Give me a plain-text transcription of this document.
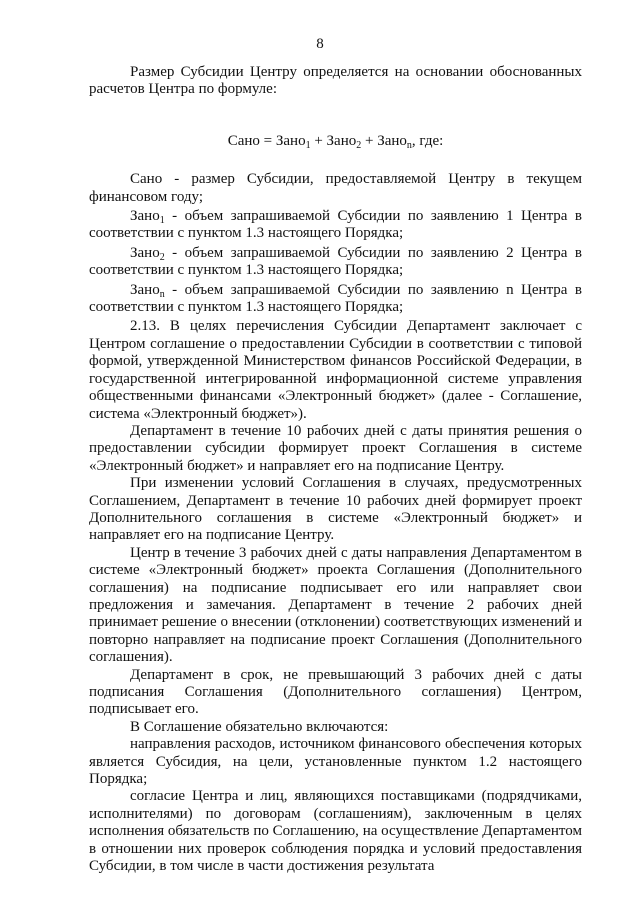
8

Размер Субсидии Центру определяется на основании обоснованных расчетов Центра по формуле:

Сано = Зано$_1$ + Зано$_2$ + Зано$_n$, где:

Сано - размер Субсидии, предоставляемой Центру в текущем финансовом году;

Зано$_1$ - объем запрашиваемой Субсидии по заявлению 1 Центра в соответствии с пунктом 1.3 настоящего Порядка;

Зано$_2$ - объем запрашиваемой Субсидии по заявлению 2 Центра в соответствии с пунктом 1.3 настоящего Порядка;

Зано$_n$ - объем запрашиваемой Субсидии по заявлению n Центра в соответствии с пунктом 1.3 настоящего Порядка;

2.13. В целях перечисления Субсидии Департамент заключает с Центром соглашение о предоставлении Субсидии в соответствии с типовой формой, утвержденной Министерством финансов Российской Федерации, в государственной интегрированной информационной системе управления общественными финансами «Электронный бюджет» (далее - Соглашение, система «Электронный бюджет»).

Департамент в течение 10 рабочих дней с даты принятия решения о предоставлении субсидии формирует проект Соглашения в системе «Электронный бюджет» и направляет его на подписание Центру.

При изменении условий Соглашения в случаях, предусмотренных Соглашением, Департамент в течение 10 рабочих дней формирует проект Дополнительного соглашения в системе «Электронный бюджет» и направляет его на подписание Центру.

Центр в течение 3 рабочих дней с даты направления Департаментом в системе «Электронный бюджет» проекта Соглашения (Дополнительного соглашения) на подписание подписывает его или направляет свои предложения и замечания. Департамент в течение 2 рабочих дней принимает решение о внесении (отклонении) соответствующих изменений и повторно направляет на подписание проект Соглашения (Дополнительного соглашения).

Департамент в срок, не превышающий 3 рабочих дней с даты подписания Соглашения (Дополнительного соглашения) Центром, подписывает его.

В Соглашение обязательно включаются:

направления расходов, источником финансового обеспечения которых является Субсидия, на цели, установленные пунктом 1.2 настоящего Порядка;

согласие Центра и лиц, являющихся поставщиками (подрядчиками, исполнителями) по договорам (соглашениям), заключенным в целях исполнения обязательств по Соглашению, на осуществление Департаментом в отношении них проверок соблюдения порядка и условий предоставления Субсидии, в том числе в части достижения результата
